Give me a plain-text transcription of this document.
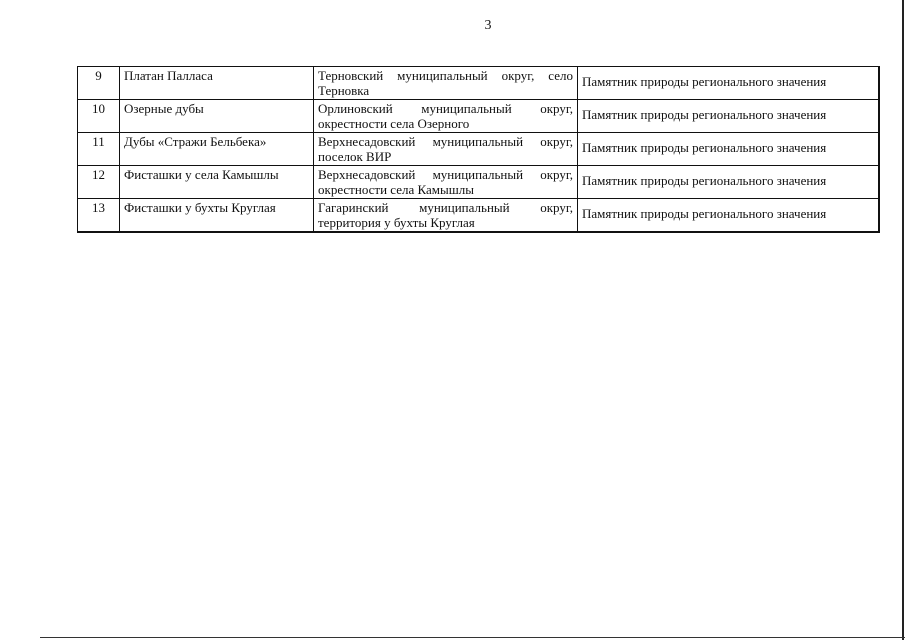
3
9	Платан Палласа	Терновский муниципальный округ, село Терновка	Памятник природы регионального значения
10	Озерные дубы	Орлиновский муниципальный округ, окрестности села Озерного	Памятник природы регионального значения
11	Дубы «Стражи Бельбека»	Верхнесадовский муниципальный округ, поселок ВИР	Памятник природы регионального значения
12	Фисташки у села Камышлы	Верхнесадовский муниципальный округ, окрестности села Камышлы	Памятник природы регионального значения
13	Фисташки у бухты Круглая	Гагаринский муниципальный округ, территория у бухты Круглая	Памятник природы регионального значения
